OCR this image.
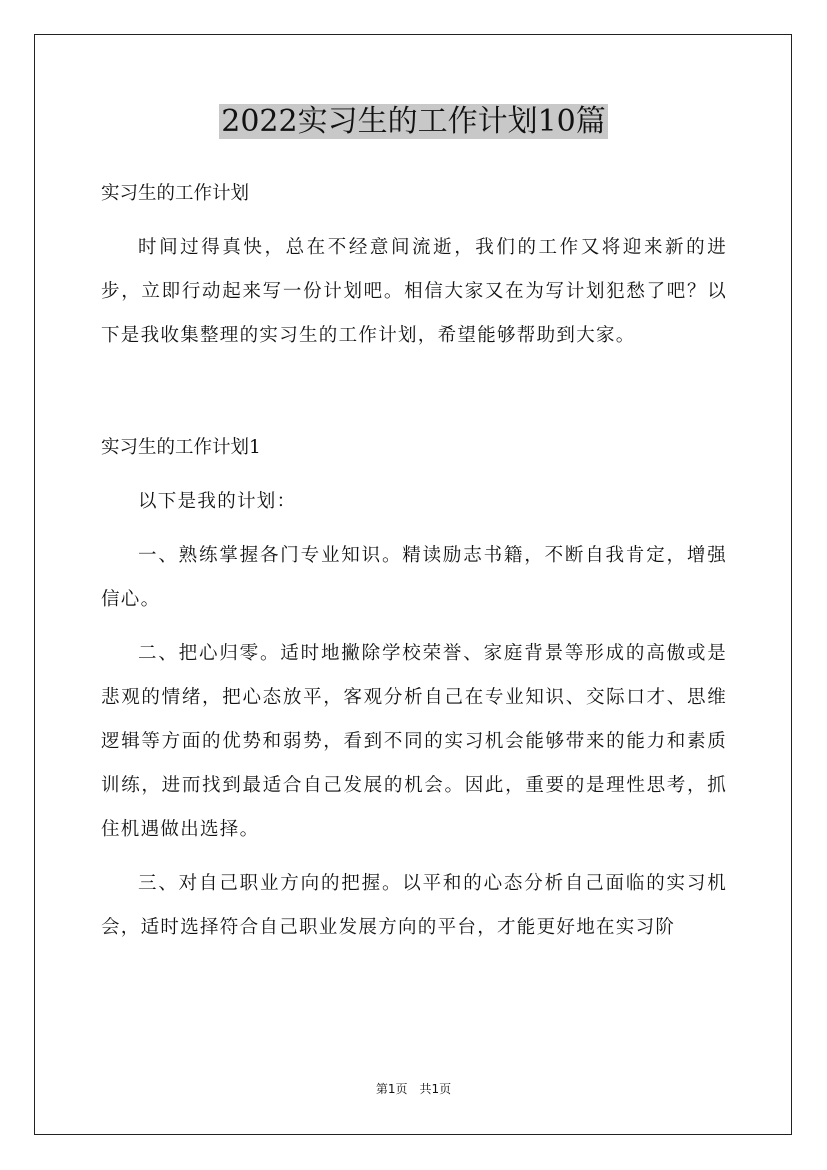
2022实习生的工作计划10篇

实习生的工作计划

时间过得真快，总在不经意间流逝，我们的工作又将迎来新的进步，立即行动起来写一份计划吧。相信大家又在为写计划犯愁了吧？以下是我收集整理的实习生的工作计划，希望能够帮助到大家。

实习生的工作计划1

以下是我的计划：

一、熟练掌握各门专业知识。精读励志书籍，不断自我肯定，增强信心。

二、把心归零。适时地撇除学校荣誉、家庭背景等形成的高傲或是悲观的情绪，把心态放平，客观分析自己在专业知识、交际口才、思维逻辑等方面的优势和弱势，看到不同的实习机会能够带来的能力和素质训练，进而找到最适合自己发展的机会。因此，重要的是理性思考，抓住机遇做出选择。

三、对自己职业方向的把握。以平和的心态分析自己面临的实习机会，适时选择符合自己职业发展方向的平台，才能更好地在实习阶

第1页　共1页
